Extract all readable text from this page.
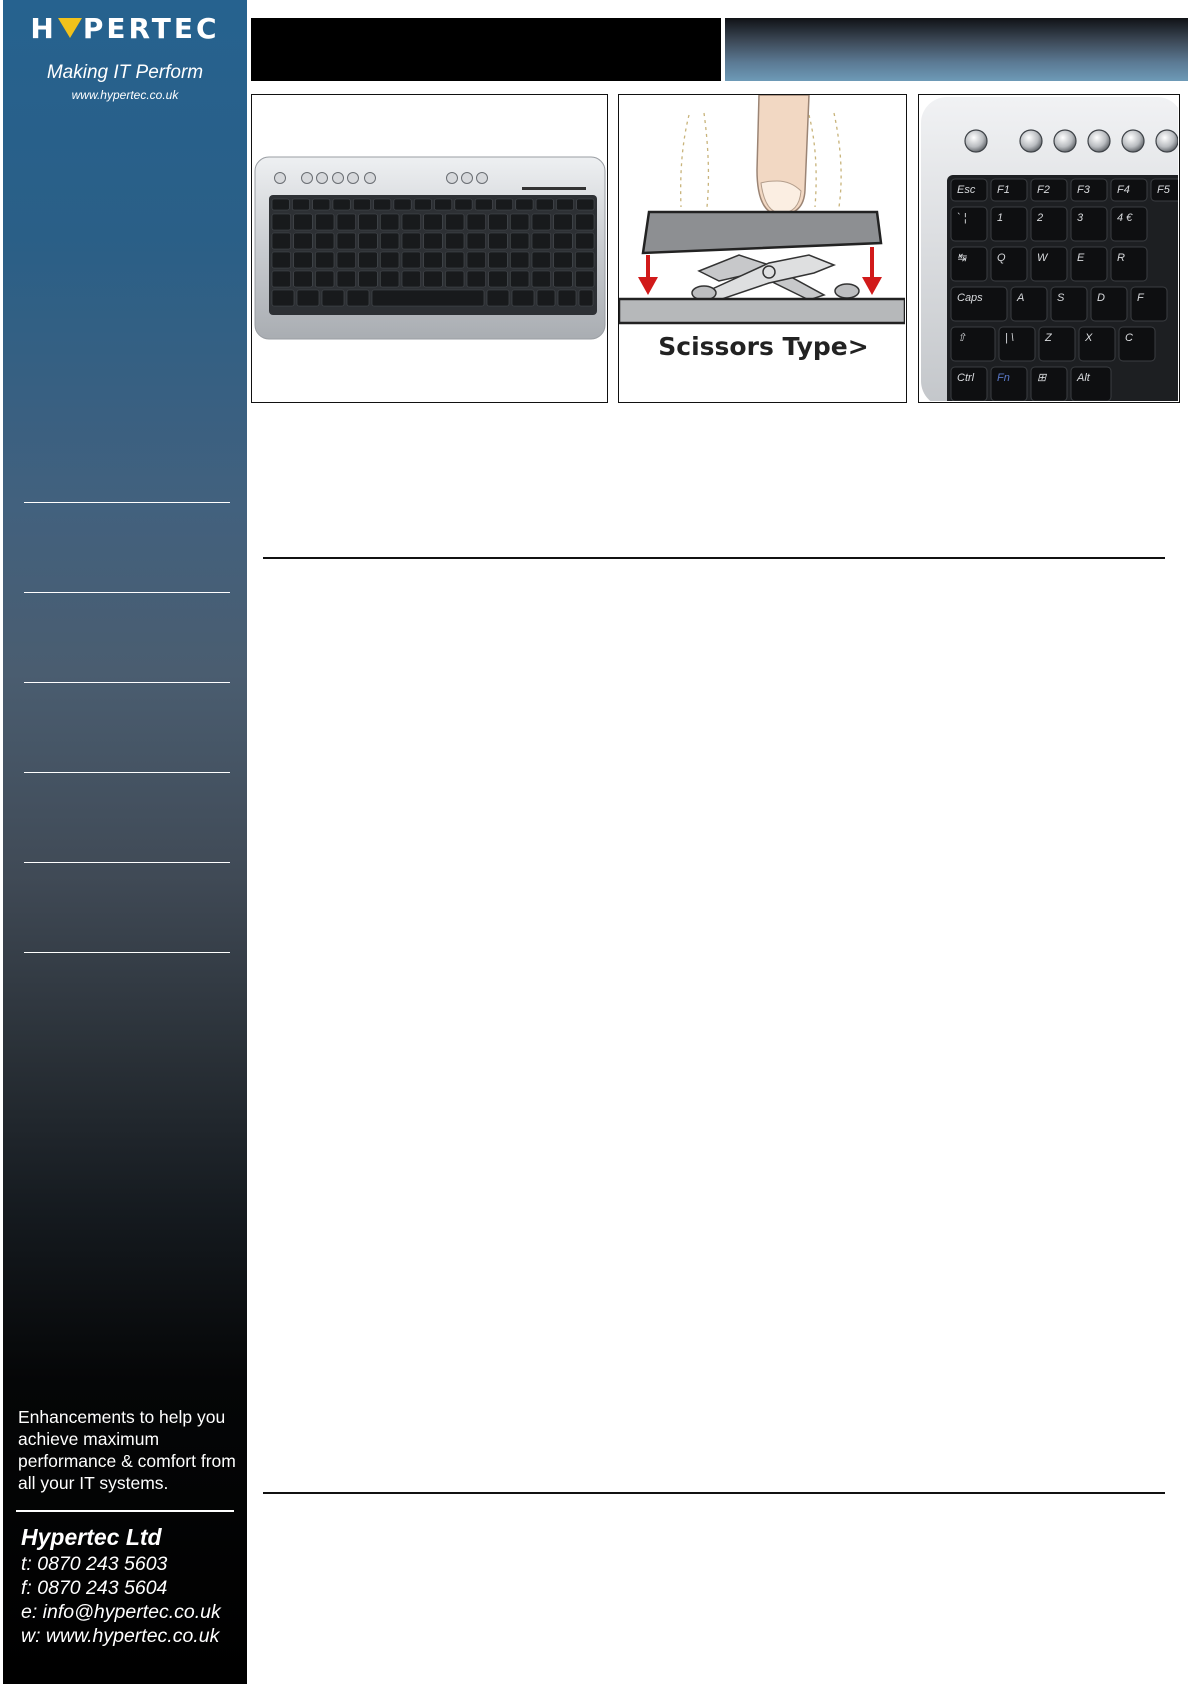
H PERTEC
Making IT Perform
www.hypertec.co.uk
Enhancements to help you achieve maximum performance & comfort from all your IT systems.
Hypertec Ltd
t: 0870 243 5603
f: 0870 243 5604
e: info@hypertec.co.uk
w: www.hypertec.co.uk
Scissors Type>
Esc F1 F2 F3 F4 F5
` ¦	1	2	3	4 €
Q	W	E	R
↹
Caps	A	S	D	F
⇧	| \	Z	X	C
Ctrl Fn ⊞	Alt
